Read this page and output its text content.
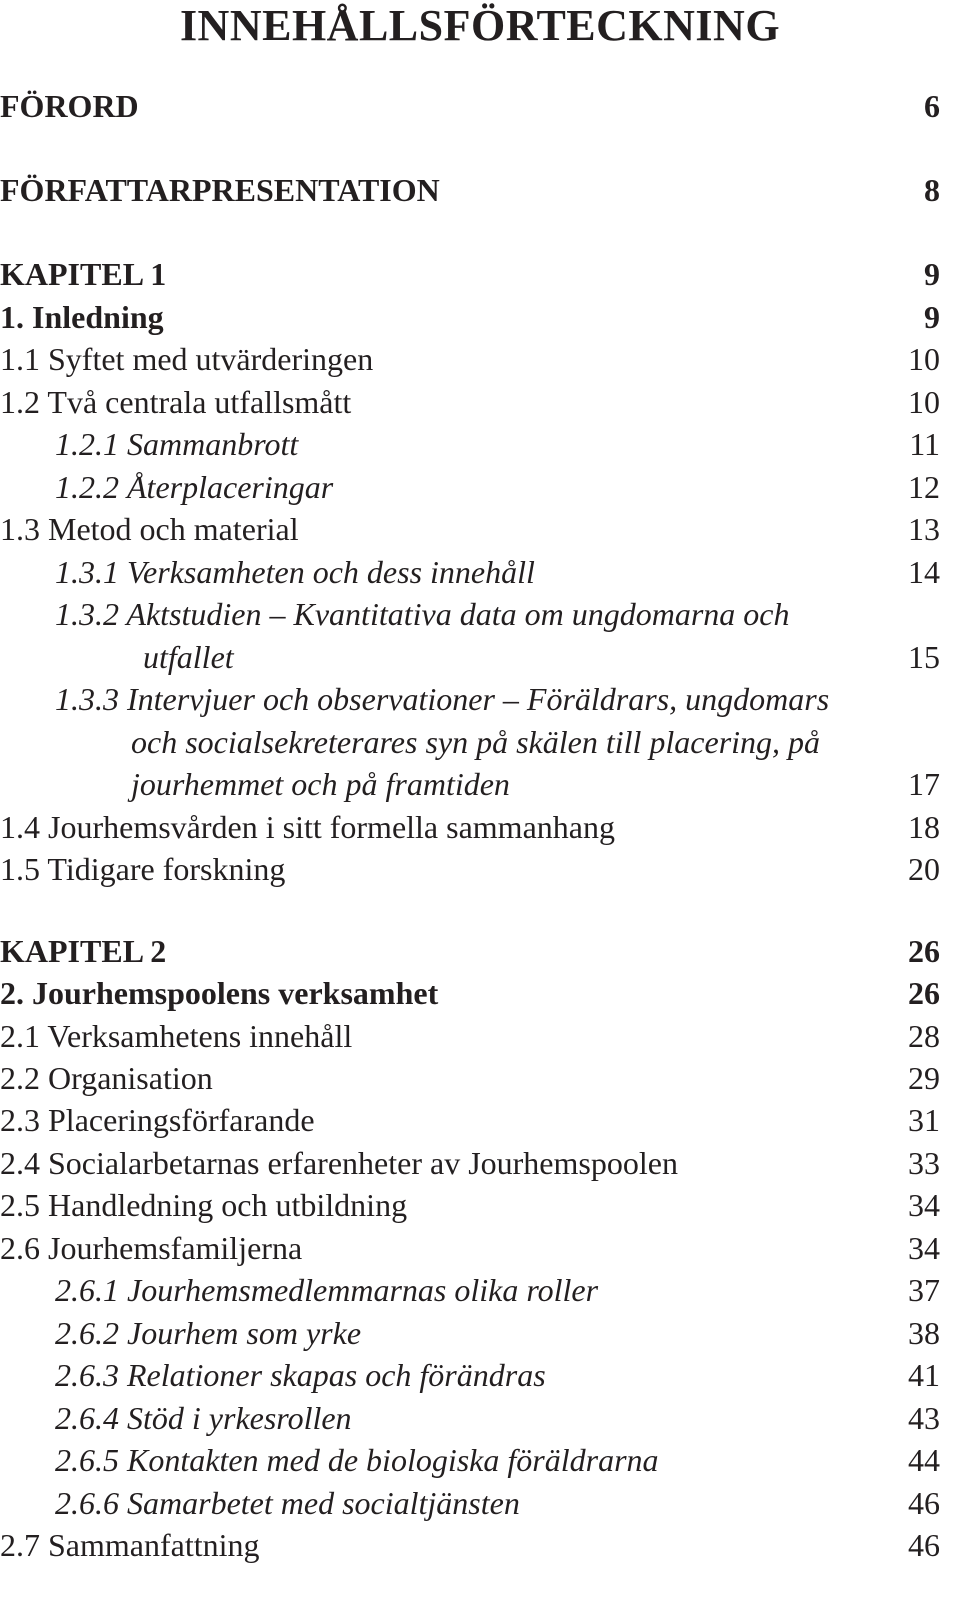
INNEHÅLLSFÖRTECKNING
FÖRORD	6
FÖRFATTARPRESENTATION	8
KAPITEL 1	9
1. Inledning	9
1.1 Syftet med utvärderingen	10
1.2 Två centrala utfallsmått	10
1.2.1 Sammanbrott	11
1.2.2 Återplaceringar	12
1.3 Metod och material	13
1.3.1 Verksamheten och dess innehåll	14
1.3.2 Aktstudien – Kvantitativa data om ungdomarna och
utfallet	15
1.3.3 Intervjuer och observationer – Föräldrars, ungdomars
och socialsekreterares syn på skälen till placering, på
jourhemmet och på framtiden	17
1.4 Jourhemsvården i sitt formella sammanhang	18
1.5 Tidigare forskning	20
KAPITEL 2	26
2. Jourhemspoolens verksamhet	26
2.1 Verksamhetens innehåll	28
2.2 Organisation	29
2.3 Placeringsförfarande	31
2.4 Socialarbetarnas erfarenheter av Jourhemspoolen	33
2.5 Handledning och utbildning	34
2.6 Jourhemsfamiljerna	34
2.6.1 Jourhemsmedlemmarnas olika roller	37
2.6.2 Jourhem som yrke	38
2.6.3 Relationer skapas och förändras	41
2.6.4 Stöd i yrkesrollen	43
2.6.5 Kontakten med de biologiska föräldrarna	44
2.6.6 Samarbetet med socialtjänsten	46
2.7 Sammanfattning	46
